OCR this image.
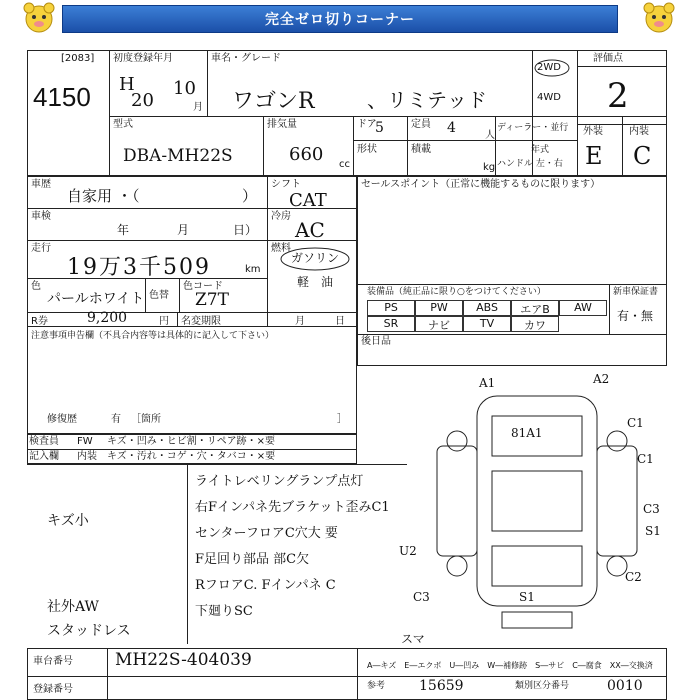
完全ゼロ切りコーナー
[2083]
4150
初度登録年月
H
20
10
月
車名・グレード
ワゴンR	、リミテッド
2WD
4WD
評価点
2
型式
DBA-MH22S
排気量
660 cc
ドア
5	定員 4	人
ディーラー・並行
年式
形状	積載
kg ハンドル 左・右
外装	内装
E C
車歴
自家用 ・（	）
シフト
CAT
車検
年	月	日）
冷房
AC
走行
19万3千509	km
燃料
ガソリン
軽　油
色
パールホワイト 色替
色コード
Z7T
R券	9,200	円 名変期限	月	日
注意事項申告欄（不具合内容等は具体的に記入して下さい）
修復歴	有 ［箇所	］
セールスポイント（正常に機能するものに限ります）
装備品（純正品に限り○をつけてください）	新車保証書
有・無
PS	PW	ABS	エアB	AW
SR	ナビ	TV	カワ
後日品
検査員
記入欄
FW キズ・凹み・ヒビ割・リペア跡・×要
内装 キズ・汚れ・コゲ・穴・タバコ・×要
キズ小
社外AW
スタッドレス
ライトレベリングランプ点灯
右Fインパネ先ブラケット歪みC1
センターフロアC穴大 要
F足回り部品 部C欠
RフロアC. Fインパネ C
下廻りSC
A1	A2
81A1
C1
C1
C3
S1
C2
C3	S1
U2
スマ
車台番号 MH22S-404039
登録番号
A―キズ　E―エクボ　U―凹み　W―補修跡　S―サビ　C―腐食　XX―交換済
参考 15659	類別区分番号	0010
